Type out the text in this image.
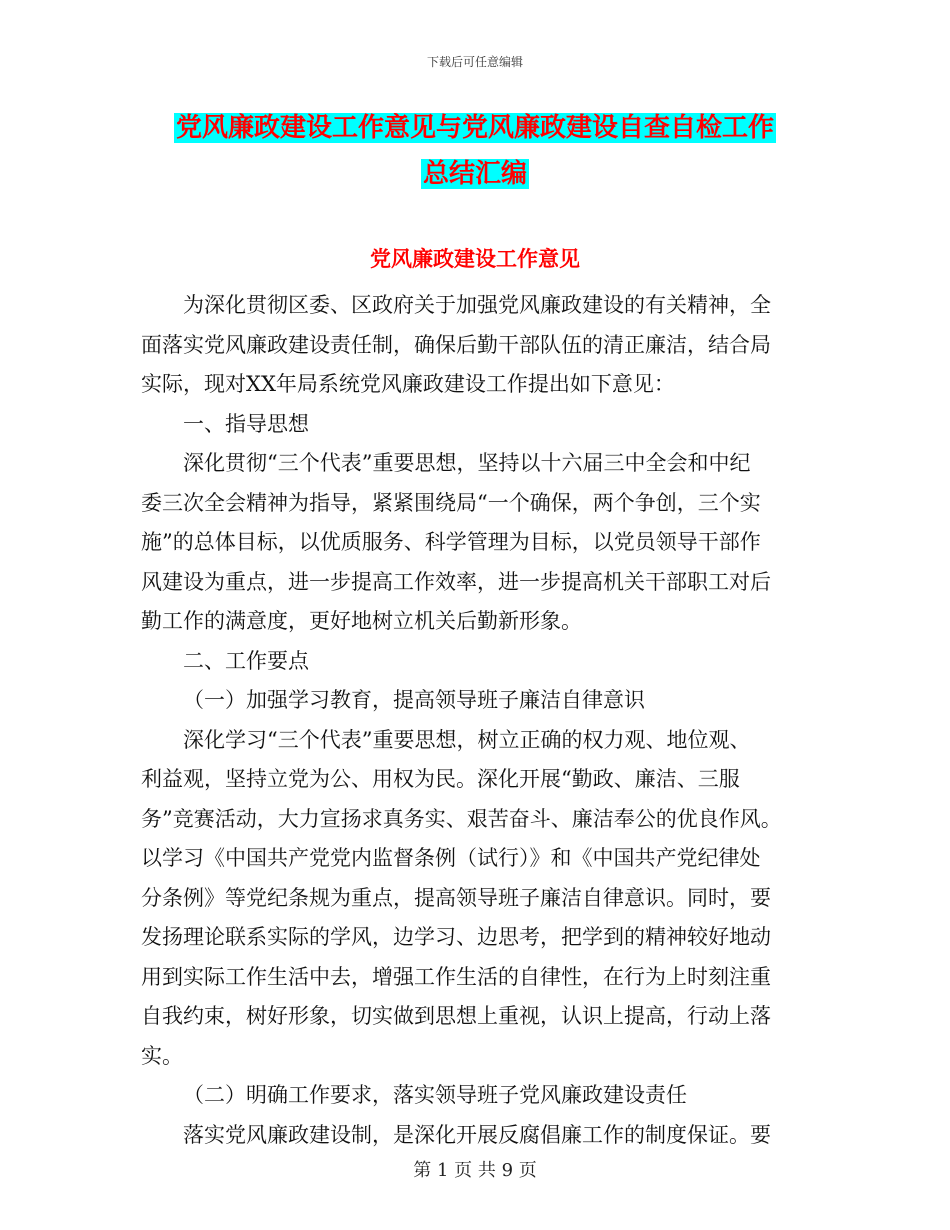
下载后可任意编辑
党风廉政建设工作意见与党风廉政建设自查自检工作
总结汇编
党风廉政建设工作意见

为深化贯彻区委、区政府关于加强党风廉政建设的有关精神，全

面落实党风廉政建设责任制，确保后勤干部队伍的清正廉洁，结合局

实际，现对XX年局系统党风廉政建设工作提出如下意见：

一、指导思想

深化贯彻“三个代表”重要思想，坚持以十六届三中全会和中纪

委三次全会精神为指导，紧紧围绕局“一个确保，两个争创，三个实

施”的总体目标，以优质服务、科学管理为目标，以党员领导干部作

风建设为重点，进一步提高工作效率，进一步提高机关干部职工对后

勤工作的满意度，更好地树立机关后勤新形象。

二、工作要点

（一）加强学习教育，提高领导班子廉洁自律意识

深化学习“三个代表”重要思想，树立正确的权力观、地位观、

利益观，坚持立党为公、用权为民。深化开展“勤政、廉洁、三服

务”竞赛活动，大力宣扬求真务实、艰苦奋斗、廉洁奉公的优良作风。

以学习《中国共产党党内监督条例（试行）》和《中国共产党纪律处

分条例》等党纪条规为重点，提高领导班子廉洁自律意识。同时，要

发扬理论联系实际的学风，边学习、边思考，把学到的精神较好地动

用到实际工作生活中去，增强工作生活的自律性，在行为上时刻注重

自我约束，树好形象，切实做到思想上重视，认识上提高，行动上落

实。

（二）明确工作要求，落实领导班子党风廉政建设责任

落实党风廉政建设制，是深化开展反腐倡廉工作的制度保证。要

第 1 页 共 9 页
